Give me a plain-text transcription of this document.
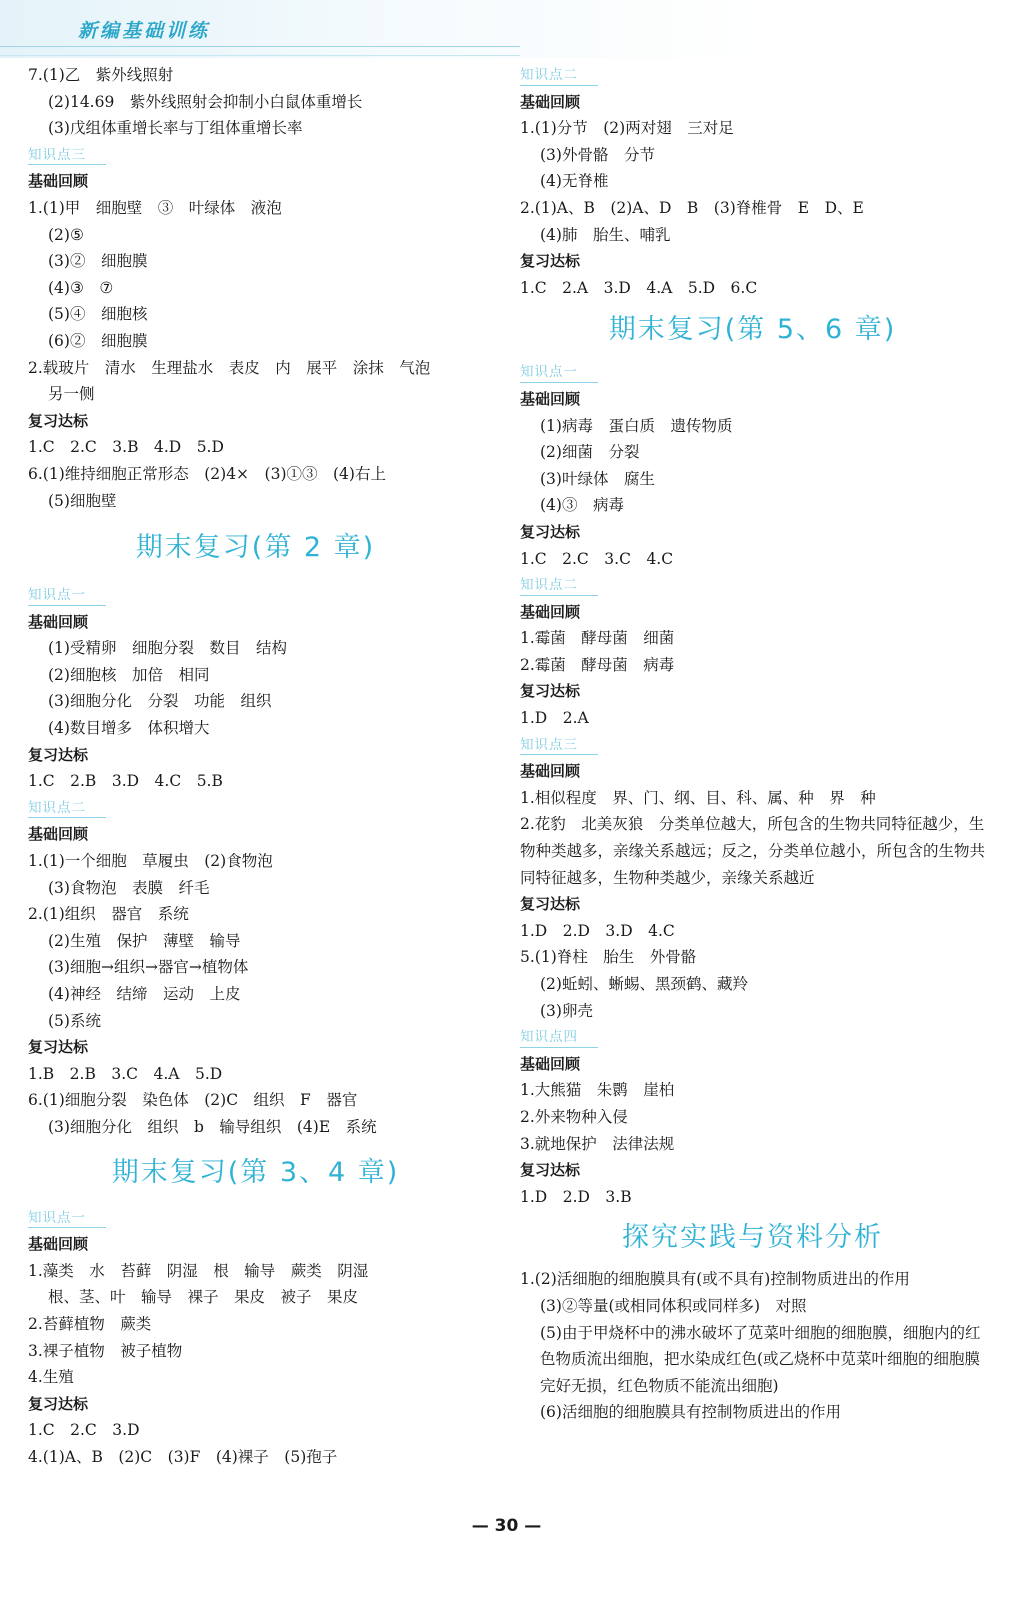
新编基础训练
7.(1)乙　紫外线照射
(2)14.69　紫外线照射会抑制小白鼠体重增长
(3)戊组体重增长率与丁组体重增长率
知识点三
基础回顾
1.(1)甲　细胞壁　③　叶绿体　液泡
(2)⑤
(3)②　细胞膜
(4)③　⑦
(5)④　细胞核
(6)②　细胞膜
2.载玻片　清水　生理盐水　表皮　内　展平　涂抹　气泡
另一侧
复习达标
1.C　2.C　3.B　4.D　5.D
6.(1)维持细胞正常形态　(2)4×　(3)①③　(4)右上
(5)细胞壁
期末复习(第 2 章)
知识点一
基础回顾
(1)受精卵　细胞分裂　数目　结构
(2)细胞核　加倍　相同
(3)细胞分化　分裂　功能　组织
(4)数目增多　体积增大
复习达标
1.C　2.B　3.D　4.C　5.B
知识点二
基础回顾
1.(1)一个细胞　草履虫　(2)食物泡
(3)食物泡　表膜　纤毛
2.(1)组织　器官　系统
(2)生殖　保护　薄壁　输导
(3)细胞→组织→器官→植物体
(4)神经　结缔　运动　上皮
(5)系统
复习达标
1.B　2.B　3.C　4.A　5.D
6.(1)细胞分裂　染色体　(2)C　组织　F　器官
(3)细胞分化　组织　b　输导组织　(4)E　系统
期末复习(第 3、4 章)
知识点一
基础回顾
1.藻类　水　苔藓　阴湿　根　输导　蕨类　阴湿
根、茎、叶　输导　裸子　果皮　被子　果皮
2.苔藓植物　蕨类
3.裸子植物　被子植物
4.生殖
复习达标
1.C　2.C　3.D
4.(1)A、B　(2)C　(3)F　(4)裸子　(5)孢子
知识点二
基础回顾
1.(1)分节　(2)两对翅　三对足
(3)外骨骼　分节
(4)无脊椎
2.(1)A、B　(2)A、D　B　(3)脊椎骨　E　D、E
(4)肺　胎生、哺乳
复习达标
1.C　2.A　3.D　4.A　5.D　6.C
期末复习(第 5、6 章)
知识点一
基础回顾
(1)病毒　蛋白质　遗传物质
(2)细菌　分裂
(3)叶绿体　腐生
(4)③　病毒
复习达标
1.C　2.C　3.C　4.C
知识点二
基础回顾
1.霉菌　酵母菌　细菌
2.霉菌　酵母菌　病毒
复习达标
1.D　2.A
知识点三
基础回顾
1.相似程度　界、门、纲、目、科、属、种　界　种
2.花豹　北美灰狼　分类单位越大，所包含的生物共同特征越少，生物种类越多，亲缘关系越远；反之，分类单位越小，所包含的生物共同特征越多，生物种类越少，亲缘关系越近
复习达标
1.D　2.D　3.D　4.C
5.(1)脊柱　胎生　外骨骼
(2)蚯蚓、蜥蜴、黑颈鹤、藏羚
(3)卵壳
知识点四
基础回顾
1.大熊猫　朱鹮　崖柏
2.外来物种入侵
3.就地保护　法律法规
复习达标
1.D　2.D　3.B
探究实践与资料分析
1.(2)活细胞的细胞膜具有(或不具有)控制物质进出的作用
(3)②等量(或相同体积或同样多)　对照
(5)由于甲烧杯中的沸水破坏了苋菜叶细胞的细胞膜，细胞内的红色物质流出细胞，把水染成红色(或乙烧杯中苋菜叶细胞的细胞膜完好无损，红色物质不能流出细胞)
(6)活细胞的细胞膜具有控制物质进出的作用
— 30 —
